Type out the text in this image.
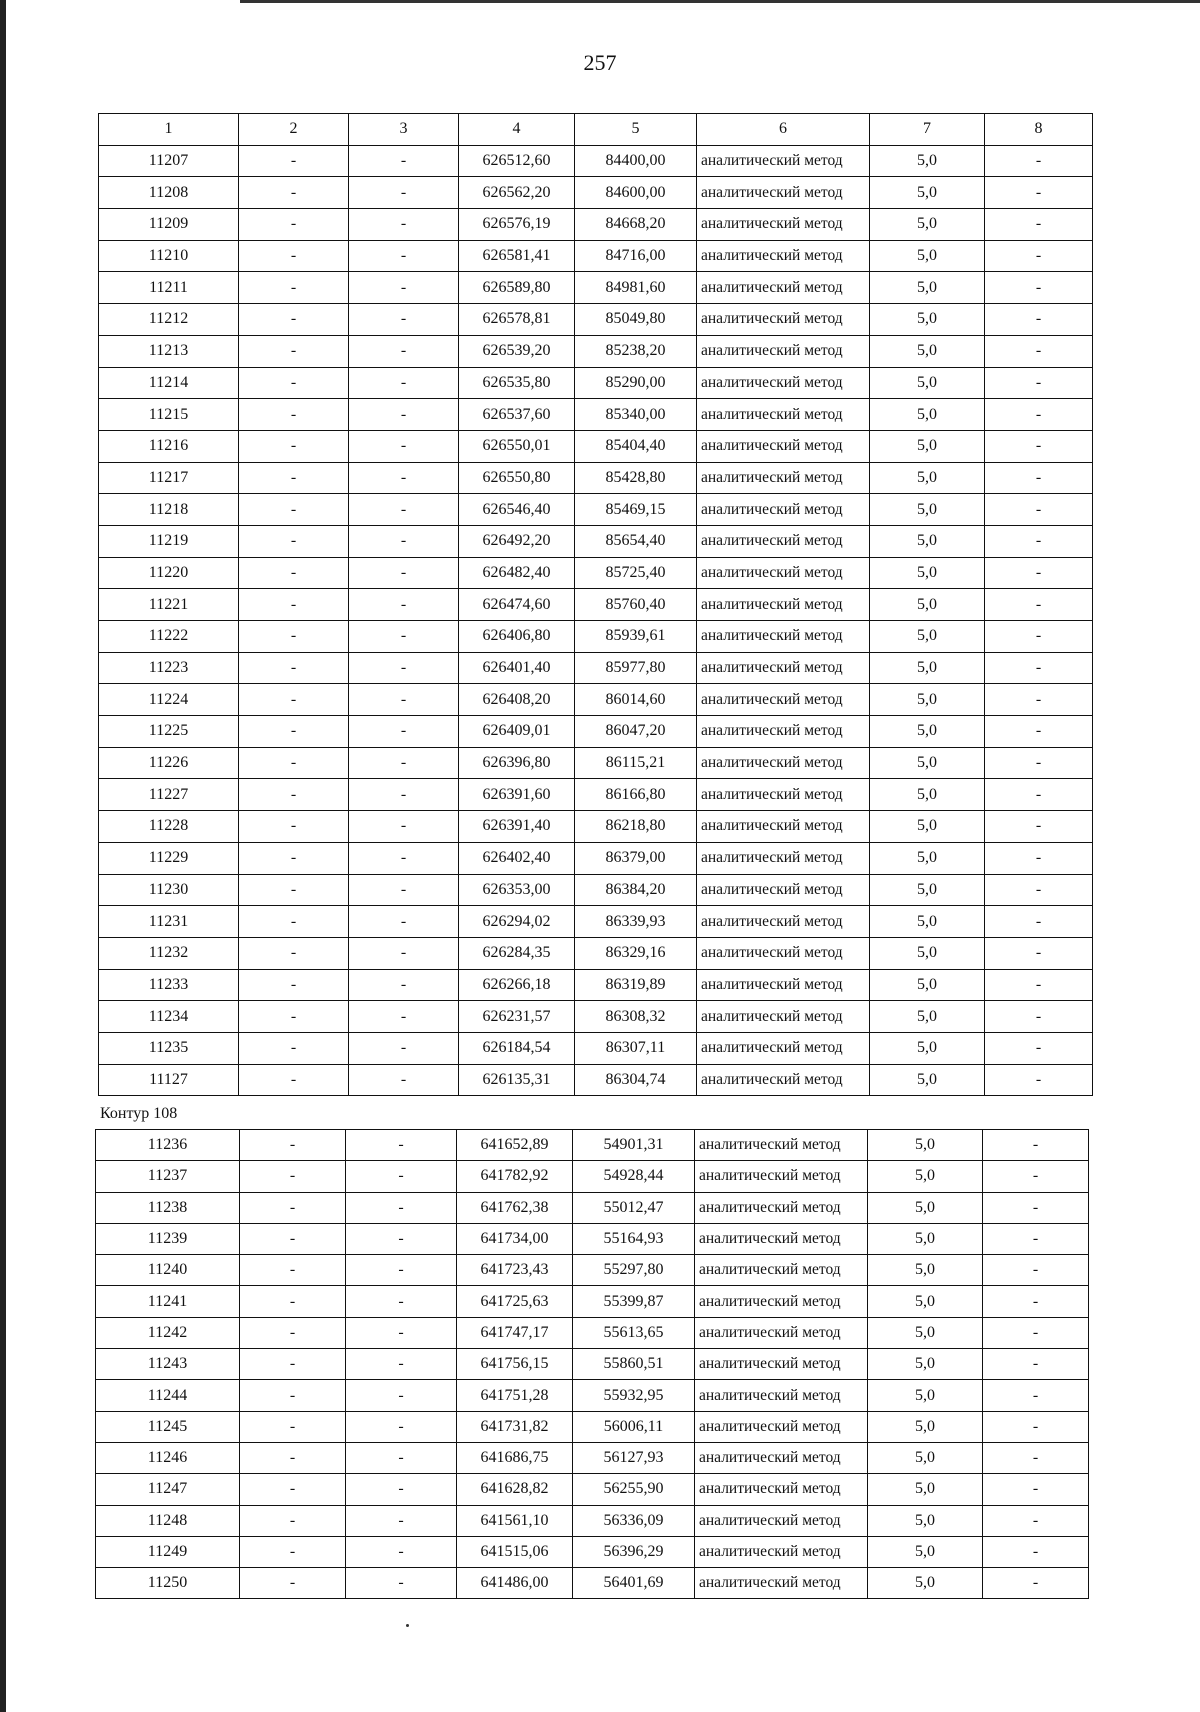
257
1	2	3	4	5	6	7	8
11207	-	-	626512,60	84400,00	аналитический метод	5,0	-
11208	-	-	626562,20	84600,00	аналитический метод	5,0	-
11209	-	-	626576,19	84668,20	аналитический метод	5,0	-
11210	-	-	626581,41	84716,00	аналитический метод	5,0	-
11211	-	-	626589,80	84981,60	аналитический метод	5,0	-
11212	-	-	626578,81	85049,80	аналитический метод	5,0	-
11213	-	-	626539,20	85238,20	аналитический метод	5,0	-
11214	-	-	626535,80	85290,00	аналитический метод	5,0	-
11215	-	-	626537,60	85340,00	аналитический метод	5,0	-
11216	-	-	626550,01	85404,40	аналитический метод	5,0	-
11217	-	-	626550,80	85428,80	аналитический метод	5,0	-
11218	-	-	626546,40	85469,15	аналитический метод	5,0	-
11219	-	-	626492,20	85654,40	аналитический метод	5,0	-
11220	-	-	626482,40	85725,40	аналитический метод	5,0	-
11221	-	-	626474,60	85760,40	аналитический метод	5,0	-
11222	-	-	626406,80	85939,61	аналитический метод	5,0	-
11223	-	-	626401,40	85977,80	аналитический метод	5,0	-
11224	-	-	626408,20	86014,60	аналитический метод	5,0	-
11225	-	-	626409,01	86047,20	аналитический метод	5,0	-
11226	-	-	626396,80	86115,21	аналитический метод	5,0	-
11227	-	-	626391,60	86166,80	аналитический метод	5,0	-
11228	-	-	626391,40	86218,80	аналитический метод	5,0	-
11229	-	-	626402,40	86379,00	аналитический метод	5,0	-
11230	-	-	626353,00	86384,20	аналитический метод	5,0	-
11231	-	-	626294,02	86339,93	аналитический метод	5,0	-
11232	-	-	626284,35	86329,16	аналитический метод	5,0	-
11233	-	-	626266,18	86319,89	аналитический метод	5,0	-
11234	-	-	626231,57	86308,32	аналитический метод	5,0	-
11235	-	-	626184,54	86307,11	аналитический метод	5,0	-
11127	-	-	626135,31	86304,74	аналитический метод	5,0	-
Контур 108
11236	-	-	641652,89	54901,31	аналитический метод	5,0	-
11237	-	-	641782,92	54928,44	аналитический метод	5,0	-
11238	-	-	641762,38	55012,47	аналитический метод	5,0	-
11239	-	-	641734,00	55164,93	аналитический метод	5,0	-
11240	-	-	641723,43	55297,80	аналитический метод	5,0	-
11241	-	-	641725,63	55399,87	аналитический метод	5,0	-
11242	-	-	641747,17	55613,65	аналитический метод	5,0	-
11243	-	-	641756,15	55860,51	аналитический метод	5,0	-
11244	-	-	641751,28	55932,95	аналитический метод	5,0	-
11245	-	-	641731,82	56006,11	аналитический метод	5,0	-
11246	-	-	641686,75	56127,93	аналитический метод	5,0	-
11247	-	-	641628,82	56255,90	аналитический метод	5,0	-
11248	-	-	641561,10	56336,09	аналитический метод	5,0	-
11249	-	-	641515,06	56396,29	аналитический метод	5,0	-
11250	-	-	641486,00	56401,69	аналитический метод	5,0	-
